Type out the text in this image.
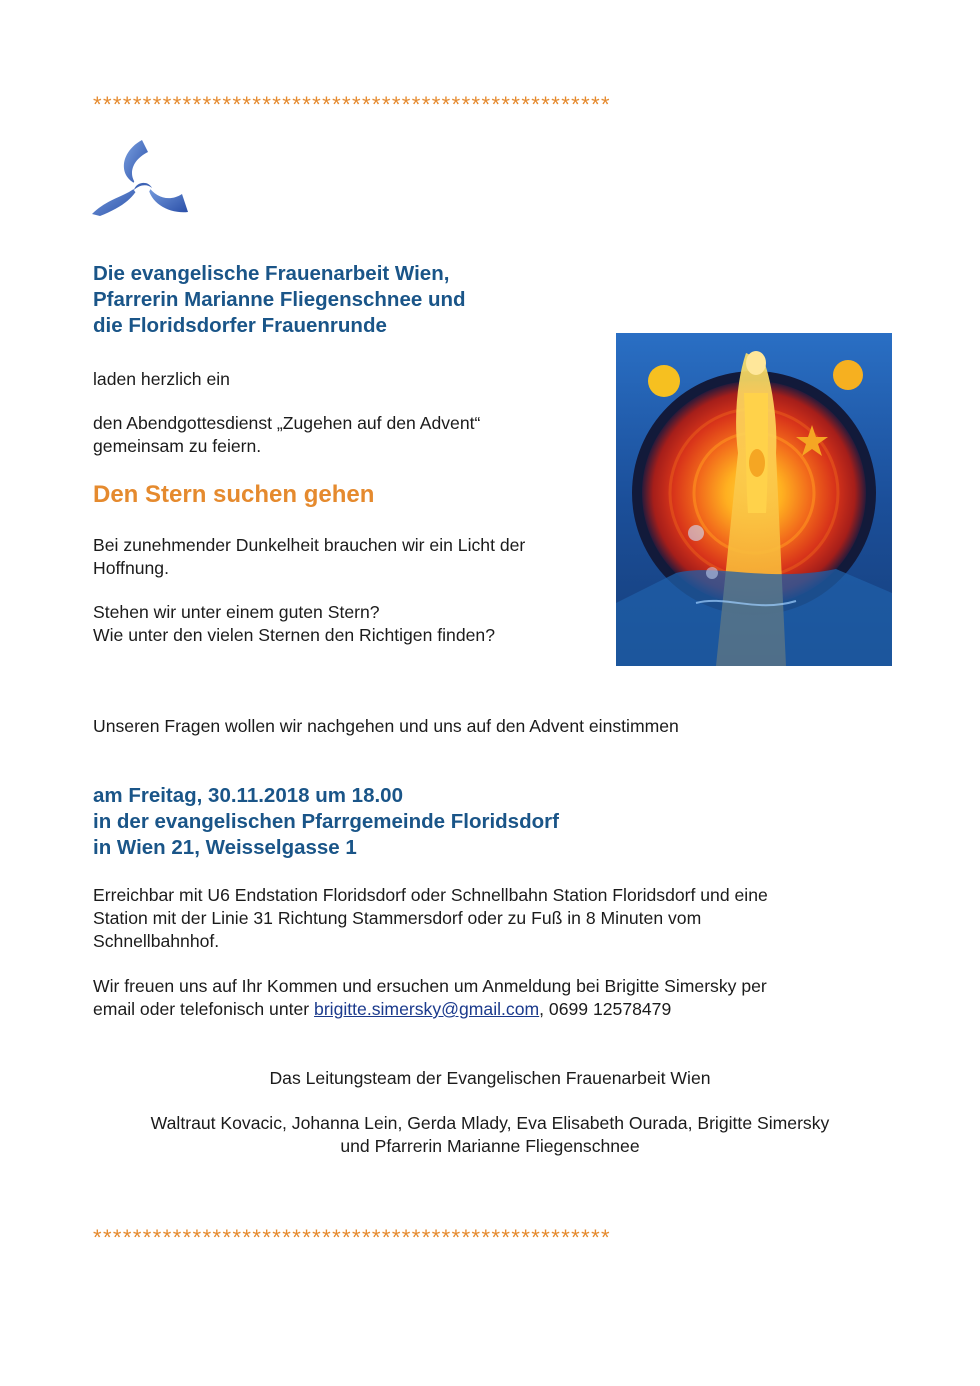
****************************************************
Die evangelische Frauenarbeit Wien,
Pfarrerin Marianne Fliegenschnee und
die Floridsdorfer Frauenrunde
laden herzlich ein
den Abendgottesdienst „Zugehen auf den Advent“
gemeinsam zu feiern.
Den Stern suchen gehen
Bei zunehmender Dunkelheit brauchen wir ein Licht der
Hoffnung.
Stehen wir unter einem guten Stern?
Wie unter den vielen Sternen den Richtigen finden?
Unseren Fragen wollen wir nachgehen und uns auf den Advent einstimmen
am Freitag, 30.11.2018 um 18.00
in der evangelischen Pfarrgemeinde Floridsdorf
in Wien 21, Weisselgasse 1
Erreichbar mit U6 Endstation Floridsdorf oder Schnellbahn Station Floridsdorf und eine
Station mit der Linie 31 Richtung Stammersdorf oder zu Fuß in 8 Minuten vom
Schnellbahnhof.
Wir freuen uns auf Ihr Kommen und ersuchen um Anmeldung bei Brigitte Simersky per
email oder telefonisch unter brigitte.simersky@gmail.com, 0699 12578479
Das Leitungsteam der Evangelischen Frauenarbeit Wien
Waltraut Kovacic, Johanna Lein, Gerda Mlady, Eva Elisabeth Ourada, Brigitte Simersky
und Pfarrerin Marianne Fliegenschnee
****************************************************
